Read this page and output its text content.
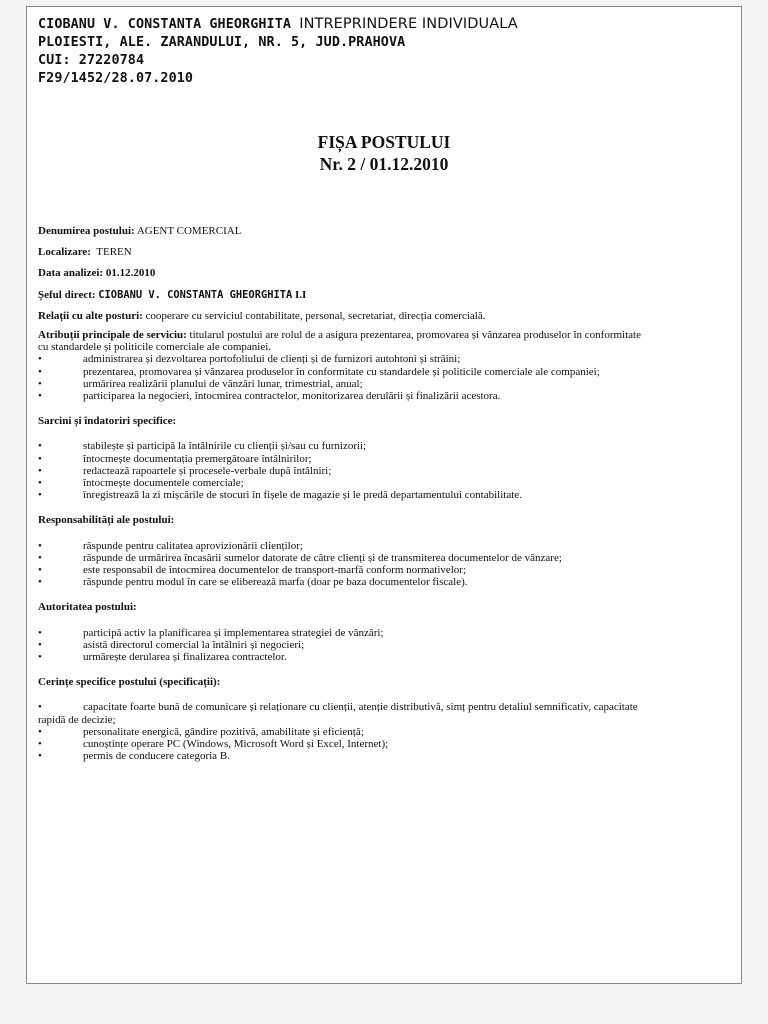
CIOBANU V. CONSTANTA GHEORGHITA INTREPRINDERE INDIVIDUALA
PLOIESTI, ALE. ZARANDULUI, NR. 5, JUD.PRAHOVA
CUI: 27220784
F29/1452/28.07.2010
FIȘA POSTULUI
Nr. 2 / 01.12.2010
Denumirea postului: AGENT COMERCIAL
Localizare: TEREN
Data analizei: 01.12.2010
Șeful direct: CIOBANU V. CONSTANTA GHEORGHITA I.I
Relații cu alte posturi: cooperare cu serviciul contabilitate, personal, secretariat, direcția comercială.
Atribuții principale de serviciu: titularul postului are rolul de a asigura prezentarea, promovarea și vânzarea produselor în conformitate
cu standardele și politicile comerciale ale companiei.
•	administrarea și dezvoltarea portofoliului de clienți și de furnizori autohtoni și străini;
•	prezentarea, promovarea și vânzarea produselor în conformitate cu standardele și politicile comerciale ale companiei;
•	urmărirea realizării planului de vânzări lunar, trimestrial, anual;
•	participarea la negocieri, întocmirea contractelor, monitorizarea derulării și finalizării acestora.
Sarcini și îndatoriri specifice:
•	stabilește și participă la întâlnirile cu clienții și/sau cu furnizorii;
•	întocmește documentația premergătoare întâlnirilor;
•	redactează rapoartele și procesele-verbale după întâlniri;
•	întocmește documentele comerciale;
•	înregistrează la zi mișcările de stocuri în fișele de magazie și le predă departamentului contabilitate.
Responsabilități ale postului:
•	răspunde pentru calitatea aprovizionării clienților;
•	răspunde de urmărirea încasării sumelor datorate de către clienți și de transmiterea documentelor de vânzare;
•	este responsabil de întocmirea documentelor de transport-marfă conform normativelor;
•	răspunde pentru modul în care se eliberează marfa (doar pe baza documentelor fiscale).
Autoritatea postului:
•	participă activ la planificarea și implementarea strategiei de vânzări;
•	asistă directorul comercial la întâlniri și negocieri;
•	urmărește derularea și finalizarea contractelor.
Cerințe specifice postului (specificații):
•	capacitate foarte bună de comunicare și relaționare cu clienții, atenție distributivă, simț pentru detaliul semnificativ, capacitate
rapidă de decizie;
•	personalitate energică, gândire pozitivă, amabilitate și eficiență;
•	cunoștințe operare PC (Windows, Microsoft Word și Excel, Internet);
•	permis de conducere categoria B.
